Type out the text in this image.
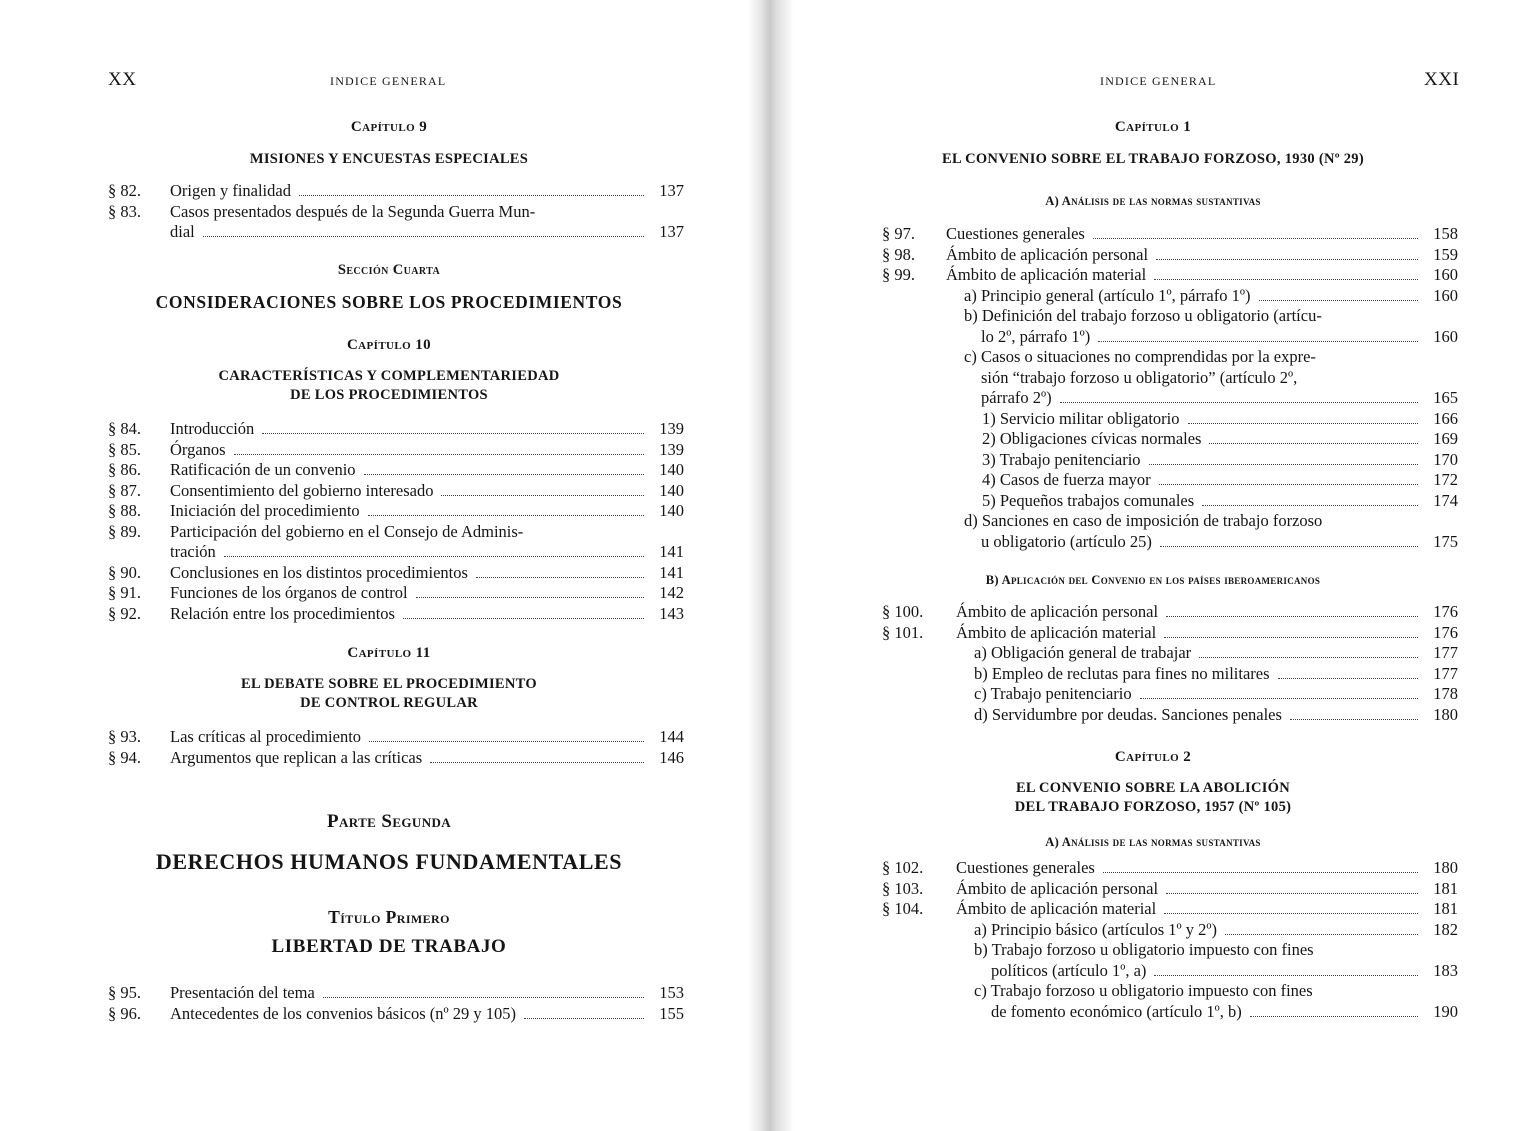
XX	INDICE GENERAL
Capítulo 9
MISIONES Y ENCUESTAS ESPECIALES
§ 82. Origen y finalidad	137
§ 83. Casos presentados después de la Segunda Guerra Mun-
dial	137
Sección Cuarta
CONSIDERACIONES SOBRE LOS PROCEDIMIENTOS
Capítulo 10
CARACTERÍSTICAS Y COMPLEMENTARIEDAD
DE LOS PROCEDIMIENTOS
§ 84. Introducción	139
§ 85. Órganos	139
§ 86. Ratificación de un convenio	140
§ 87. Consentimiento del gobierno interesado	140
§ 88. Iniciación del procedimiento	140
§ 89. Participación del gobierno en el Consejo de Adminis-
tración	141
§ 90. Conclusiones en los distintos procedimientos	141
§ 91. Funciones de los órganos de control	142
§ 92. Relación entre los procedimientos	143
Capítulo 11
EL DEBATE SOBRE EL PROCEDIMIENTO
DE CONTROL REGULAR
§ 93. Las críticas al procedimiento	144
§ 94. Argumentos que replican a las críticas	146
Parte Segunda
DERECHOS HUMANOS FUNDAMENTALES
Título Primero
LIBERTAD DE TRABAJO
§ 95. Presentación del tema	153
§ 96. Antecedentes de los convenios básicos (nº 29 y 105)	155
INDICE GENERAL	XXI
Capítulo 1
EL CONVENIO SOBRE EL TRABAJO FORZOSO, 1930 (Nº 29)
A) Análisis de las normas sustantivas
§ 97. Cuestiones generales	158
§ 98. Ámbito de aplicación personal	159
§ 99. Ámbito de aplicación material	160
a) Principio general (artículo 1º, párrafo 1º)	160
b) Definición del trabajo forzoso u obligatorio (artícu-
lo 2º, párrafo 1º)	160
c) Casos o situaciones no comprendidas por la expre-
sión “trabajo forzoso u obligatorio” (artículo 2º,
párrafo 2º)	165
1) Servicio militar obligatorio	166
2) Obligaciones cívicas normales	169
3) Trabajo penitenciario	170
4) Casos de fuerza mayor	172
5) Pequeños trabajos comunales	174
d) Sanciones en caso de imposición de trabajo forzoso
u obligatorio (artículo 25)	175
B) Aplicación del Convenio en los países iberoamericanos
§ 100. Ámbito de aplicación personal	176
§ 101. Ámbito de aplicación material	176
a) Obligación general de trabajar	177
b) Empleo de reclutas para fines no militares	177
c) Trabajo penitenciario	178
d) Servidumbre por deudas. Sanciones penales	180
Capítulo 2
EL CONVENIO SOBRE LA ABOLICIÓN
DEL TRABAJO FORZOSO, 1957 (Nº 105)
A) Análisis de las normas sustantivas
§ 102. Cuestiones generales	180
§ 103. Ámbito de aplicación personal	181
§ 104. Ámbito de aplicación material	181
a) Principio básico (artículos 1º y 2º)	182
b) Trabajo forzoso u obligatorio impuesto con fines
políticos (artículo 1º, a)	183
c) Trabajo forzoso u obligatorio impuesto con fines
de fomento económico (artículo 1º, b)	190
